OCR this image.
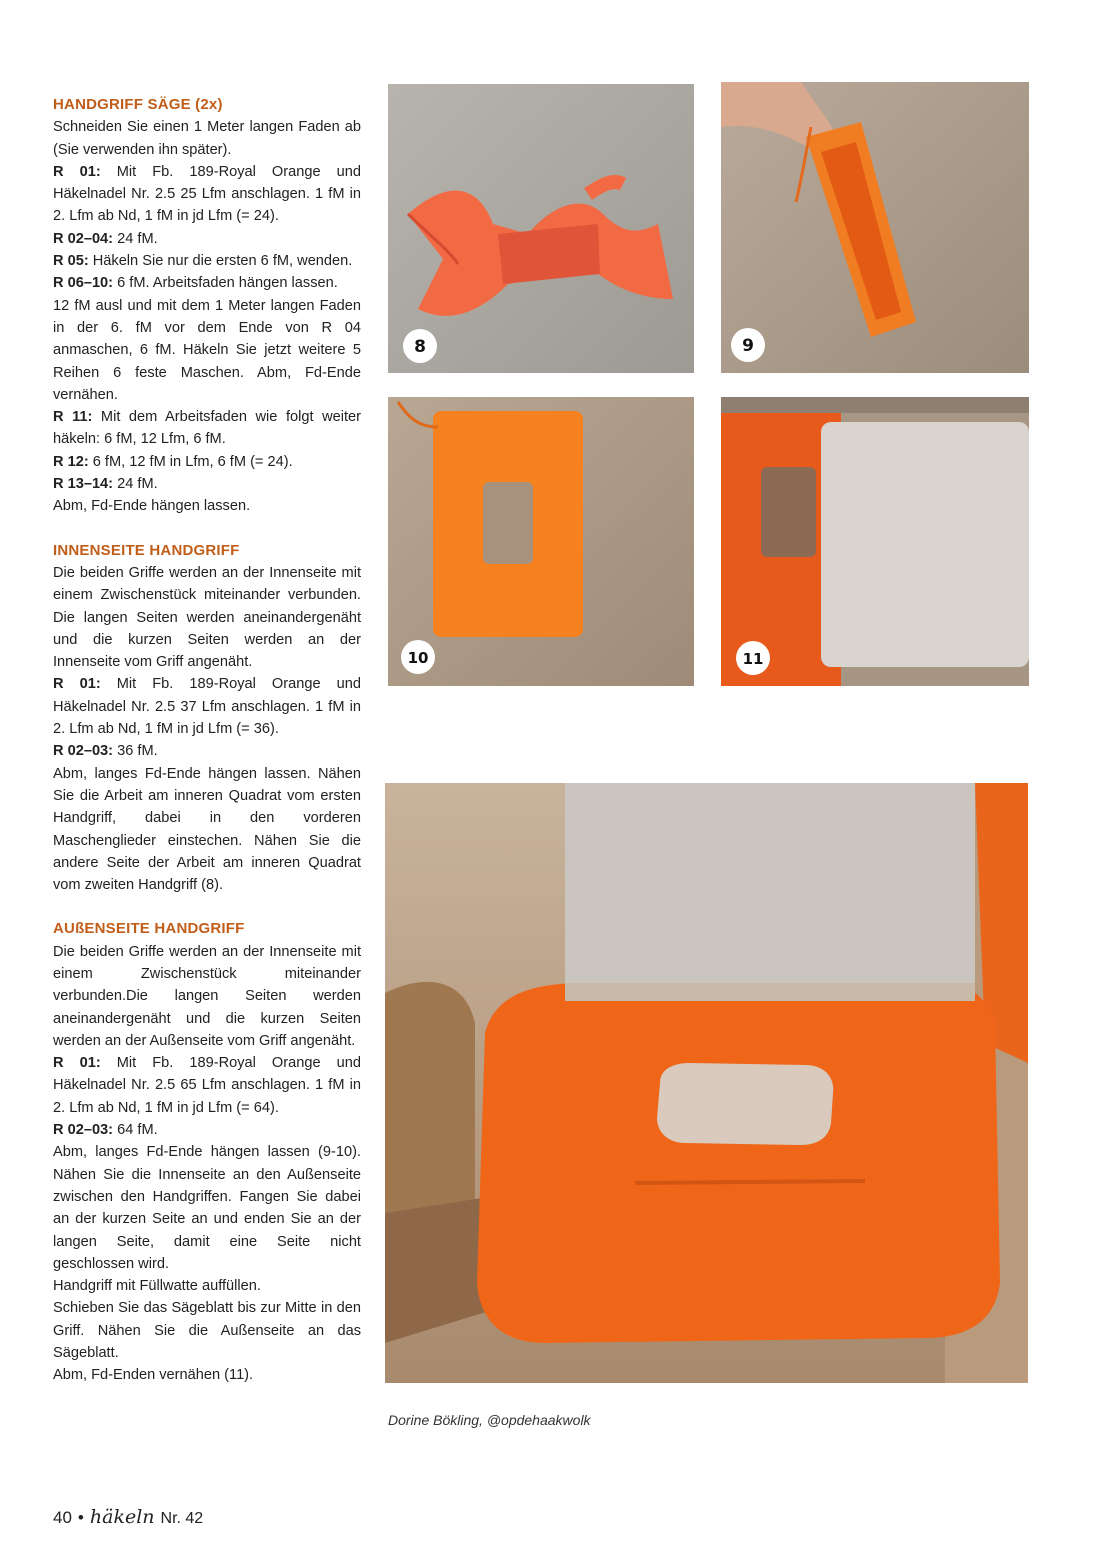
HANDGRIFF SÄGE (2x)

Schneiden Sie einen 1 Meter langen Faden ab (Sie verwenden ihn später).

R 01: Mit Fb. 189-Royal Orange und Häkelnadel Nr. 2.5 25 Lfm anschlagen. 1 fM in 2. Lfm ab Nd, 1 fM in jd Lfm (= 24).

R 02–04: 24 fM.

R 05: Häkeln Sie nur die ersten 6 fM, wenden.

R 06–10: 6 fM. Arbeitsfaden hängen lassen.

12 fM ausl und mit dem 1 Meter langen Faden in der 6. fM vor dem Ende von R 04 anmaschen, 6 fM. Häkeln Sie jetzt weitere 5 Reihen 6 feste Maschen. Abm, Fd-Ende vernähen.

R 11: Mit dem Arbeitsfaden wie folgt weiter häkeln: 6 fM, 12 Lfm, 6 fM.

R 12: 6 fM, 12 fM in Lfm, 6 fM (= 24).

R 13–14: 24 fM.

Abm, Fd-Ende hängen lassen.

INNENSEITE HANDGRIFF

Die beiden Griffe werden an der Innenseite mit einem Zwischenstück miteinander verbunden. Die langen Seiten werden aneinandergenäht und die kurzen Seiten werden an der Innenseite vom Griff angenäht.

R 01: Mit Fb. 189-Royal Orange und Häkelnadel Nr. 2.5 37 Lfm anschlagen. 1 fM in 2. Lfm ab Nd, 1 fM in jd Lfm (= 36).

R 02–03: 36 fM.

Abm, langes Fd-Ende hängen lassen. Nähen Sie die Arbeit am inneren Quadrat vom ersten Handgriff, dabei in den vorderen Maschenglieder einstechen. Nähen Sie die andere Seite der Arbeit am inneren Quadrat vom zweiten Handgriff (8).

AUßENSEITE HANDGRIFF

Die beiden Griffe werden an der Innenseite mit einem Zwischenstück miteinander verbunden.Die langen Seiten werden aneinandergenäht und die kurzen Seiten werden an der Außenseite vom Griff angenäht.

R 01: Mit Fb. 189-Royal Orange und Häkelnadel Nr. 2.5 65 Lfm anschlagen. 1 fM in 2. Lfm ab Nd, 1 fM in jd Lfm (= 64).

R 02–03: 64 fM.

Abm, langes Fd-Ende hängen lassen (9-10). Nähen Sie die Innenseite an den Außenseite zwischen den Handgriffen. Fangen Sie dabei an der kurzen Seite an und enden Sie an der langen Seite, damit eine Seite nicht geschlossen wird.

Handgriff mit Füllwatte auffüllen.

Schieben Sie das Sägeblatt bis zur Mitte in den Griff. Nähen Sie die Außenseite an das Sägeblatt.

Abm, Fd-Enden vernähen (11).

8	9
10	11
Dorine Bökling, @opdehaakwolk
40 • häkeln Nr. 42
